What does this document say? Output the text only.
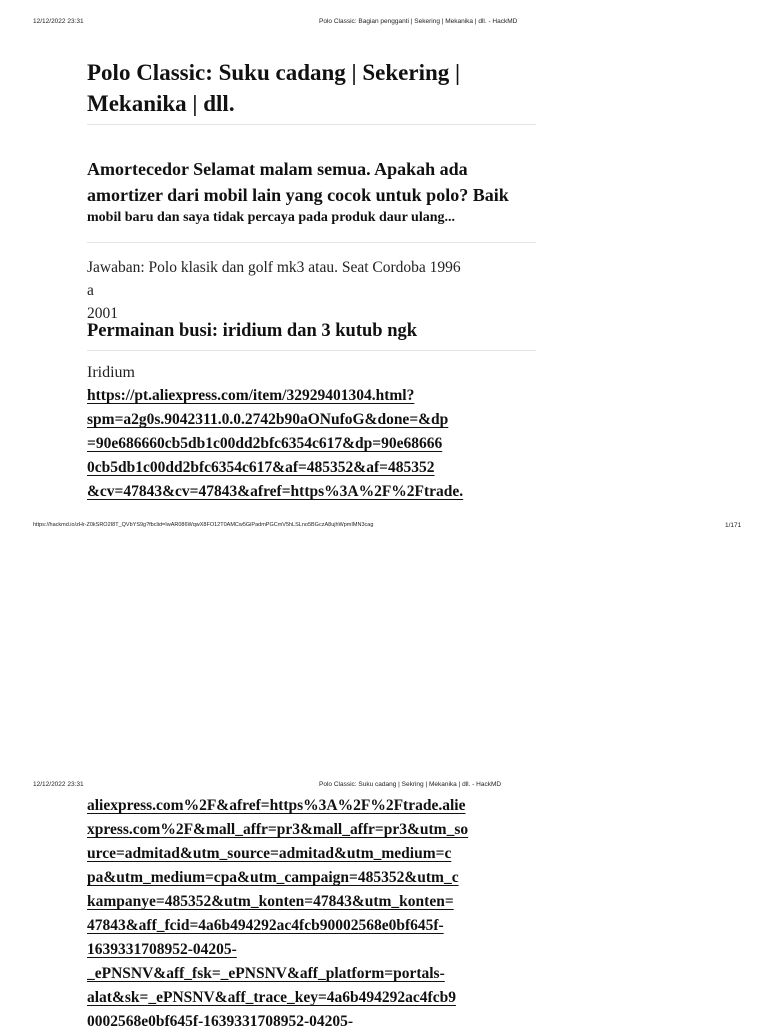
12/12/2022 23:31	Polo Classic: Bagian pengganti | Sekering | Mekanika | dll. - HackMD
Polo Classic: Suku cadang | Sekering |
Mekanika | dll.
Amortecedor Selamat malam semua. Apakah ada
amortizer dari mobil lain yang cocok untuk polo? Baik
mobil baru dan saya tidak percaya pada produk daur ulang...
Jawaban: Polo klasik dan golf mk3 atau. Seat Cordoba 1996 a
2001
Permainan busi: iridium dan 3 kutub ngk
Iridium
https://pt.aliexpress.com/item/32929401304.html?
spm=a2g0s.9042311.0.0.2742b90aONufoG&done=&dp
=90e686660cb5db1c00dd2bfc6354c617&dp=90e68666
0cb5db1c00dd2bfc6354c617&af=485352&af=485352
&cv=47843&cv=47843&afref=https%3A%2F%2Ftrade.
https://hackmd.io/zHr-Z0kSRO2I8T_QVbYS9g?fbclid=IwAR086WqwX8FO12T0AMCw5GiPadmPGCmV5hLSLno5BGczA8ujhWpmIMN3cag	1/171
12/12/2022 23:31	Polo Classic: Suku cadang | Sekring | Mekanika | dll. - HackMD
aliexpress.com%2F&afref=https%3A%2F%2Ftrade.alie
xpress.com%2F&mall_affr=pr3&mall_affr=pr3&utm_so
urce=admitad&utm_source=admitad&utm_medium=c
pa&utm_medium=cpa&utm_campaign=485352&utm_c
kampanye=485352&utm_konten=47843&utm_konten=
47843&aff_fcid=4a6b494292ac4fcb90002568e0bf645f-
1639331708952-04205-
_ePNSNV&aff_fsk=_ePNSNV&aff_platform=portals-
alat&sk=_ePNSNV&aff_trace_key=4a6b494292ac4fcb9
0002568e0bf645f-1639331708952-04205-
